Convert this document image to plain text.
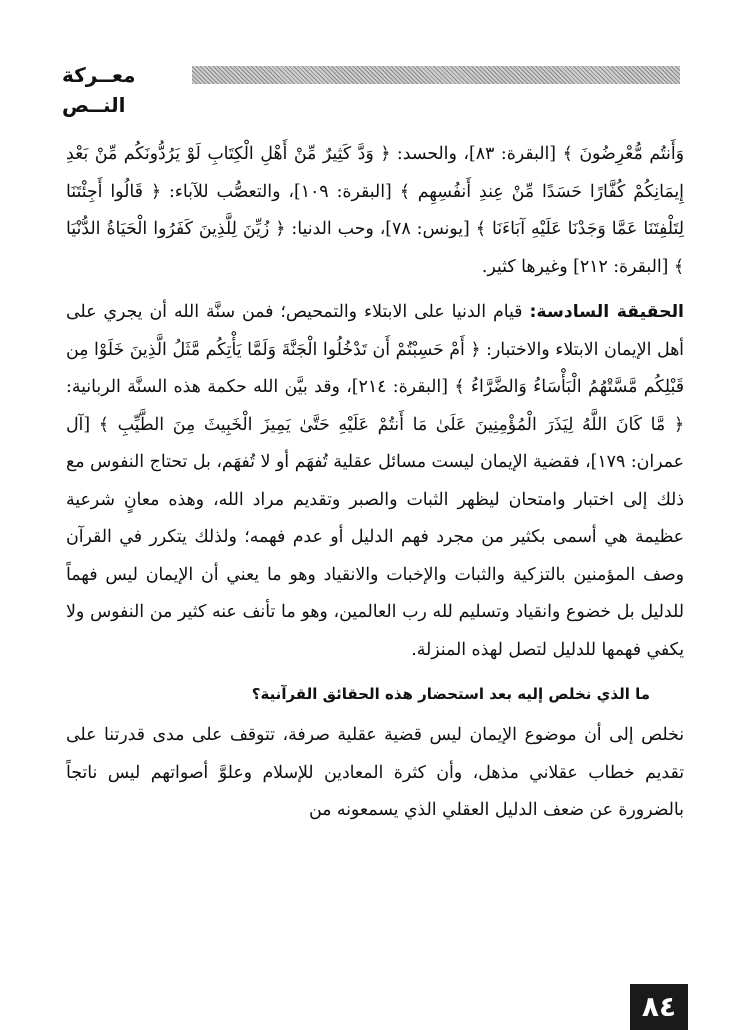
معــركة النــص

وَأَنتُم مُّعْرِضُونَ ﴾ [البقرة: ٨٣]، والحسد: ﴿ وَدَّ كَثِيرٌ مِّنْ أَهْلِ الْكِتَابِ لَوْ يَرُدُّونَكُم مِّنْ بَعْدِ إِيمَانِكُمْ كُفَّارًا حَسَدًا مِّنْ عِندِ أَنفُسِهِم ﴾ [البقرة: ١٠٩]، والتعصُّب للآباء: ﴿ قَالُوا أَجِئْتَنَا لِتَلْفِتَنَا عَمَّا وَجَدْنَا عَلَيْهِ آبَاءَنَا ﴾ [يونس: ٧٨]، وحب الدنيا: ﴿ زُيِّنَ لِلَّذِينَ كَفَرُوا الْحَيَاةُ الدُّنْيَا ﴾ [البقرة: ٢١٢] وغيرها كثير.

الحقيقة السادسة: قيام الدنيا على الابتلاء والتمحيص؛ فمن سنَّة الله أن يجري على أهل الإيمان الابتلاء والاختبار: ﴿ أَمْ حَسِبْتُمْ أَن تَدْخُلُوا الْجَنَّةَ وَلَمَّا يَأْتِكُم مَّثَلُ الَّذِينَ خَلَوْا مِن قَبْلِكُم مَّسَّتْهُمُ الْبَأْسَاءُ وَالضَّرَّاءُ ﴾ [البقرة: ٢١٤]، وقد بيَّن الله حكمة هذه السنَّة الربانية: ﴿ مَّا كَانَ اللَّهُ لِيَذَرَ الْمُؤْمِنِينَ عَلَىٰ مَا أَنتُمْ عَلَيْهِ حَتَّىٰ يَمِيزَ الْخَبِيثَ مِنَ الطَّيِّبِ ﴾ [آل عمران: ١٧٩]، فقضية الإيمان ليست مسائل عقلية تُفهَم أو لا تُفهَم، بل تحتاج النفوس مع ذلك إلى اختبار وامتحان ليظهر الثبات والصبر وتقديم مراد الله، وهذه معانٍ شرعية عظيمة هي أسمى بكثير من مجرد فهم الدليل أو عدم فهمه؛ ولذلك يتكرر في القرآن وصف المؤمنين بالتزكية والثبات والإخبات والانقياد وهو ما يعني أن الإيمان ليس فهماً للدليل بل خضوع وانقياد وتسليم لله رب العالمين، وهو ما تأنف عنه كثير من النفوس ولا يكفي فهمها للدليل لتصل لهذه المنزلة.

ما الذي نخلص إليه بعد استحضار هذه الحقائق القرآنية؟

نخلص إلى أن موضوع الإيمان ليس قضية عقلية صرفة، تتوقف على مدى قدرتنا على تقديم خطاب عقلاني مذهل، وأن كثرة المعادين للإسلام وعلوَّ أصواتهم ليس ناتجاً بالضرورة عن ضعف الدليل العقلي الذي يسمعونه من

٨٤
